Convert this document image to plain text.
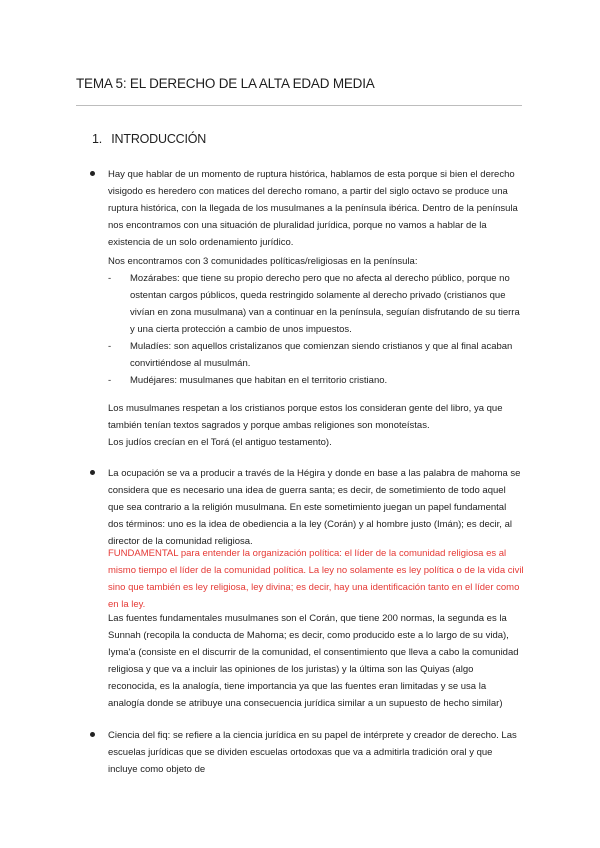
TEMA 5: EL DERECHO DE LA ALTA EDAD MEDIA
1. INTRODUCCIÓN

Hay que hablar de un momento de ruptura histórica, hablamos de esta porque si bien el derecho visigodo es heredero con matices del derecho romano, a partir del siglo octavo se produce una ruptura histórica, con la llegada de los musulmanes a la península ibérica. Dentro de la península nos encontramos con una situación de pluralidad jurídica, porque no vamos a hablar de la existencia de un solo ordenamiento jurídico.

Nos encontramos con 3 comunidades políticas/religiosas en la península:

- Mozárabes: que tiene su propio derecho pero que no afecta al derecho público, porque no ostentan cargos públicos, queda restringido solamente al derecho privado (cristianos que vivían en zona musulmana) van a continuar en la península, seguían disfrutando de su tierra y una cierta protección a cambio de unos impuestos.
- Muladíes: son aquellos cristalizanos que comienzan siendo cristianos y que al final acaban convirtiéndose al musulmán.
- Mudéjares: musulmanes que habitan en el territorio cristiano.

Los musulmanes respetan a los cristianos porque estos los consideran gente del libro, ya que también tenían textos sagrados y porque ambas religiones son monoteístas.

Los judíos crecían en el Torá (el antiguo testamento).

La ocupación se va a producir a través de la Hégira y donde en base a las palabra de mahoma se considera que es necesario una idea de guerra santa; es decir, de sometimiento de todo aquel que sea contrario a la religión musulmana. En este sometimiento juegan un papel fundamental dos términos: uno es la idea de obediencia a la ley (Corán) y al hombre justo (Imán); es decir, al director de la comunidad religiosa.

FUNDAMENTAL para entender la organización política: el líder de la comunidad religiosa es al mismo tiempo el líder de la comunidad política. La ley no solamente es ley política o de la vida civil sino que también es ley religiosa, ley divina; es decir, hay una identificación tanto en el líder como en la ley.

Las fuentes fundamentales musulmanes son el Corán, que tiene 200 normas, la segunda es la Sunnah (recopila la conducta de Mahoma; es decir, como producido este a lo largo de su vida), Iyma'a (consiste en el discurrir de la comunidad, el consentimiento que lleva a cabo la comunidad religiosa y que va a incluir las opiniones de los juristas) y la última son las Quiyas (algo reconocida, es la analogía, tiene importancia ya que las fuentes eran limitadas y se usa la analogía donde se atribuye una consecuencia jurídica similar a un supuesto de hecho similar)

Ciencia del fiq: se refiere a la ciencia jurídica en su papel de intérprete y creador de derecho. Las escuelas jurídicas que se dividen escuelas ortodoxas que va a admitirla tradición oral y que incluye como objeto de
